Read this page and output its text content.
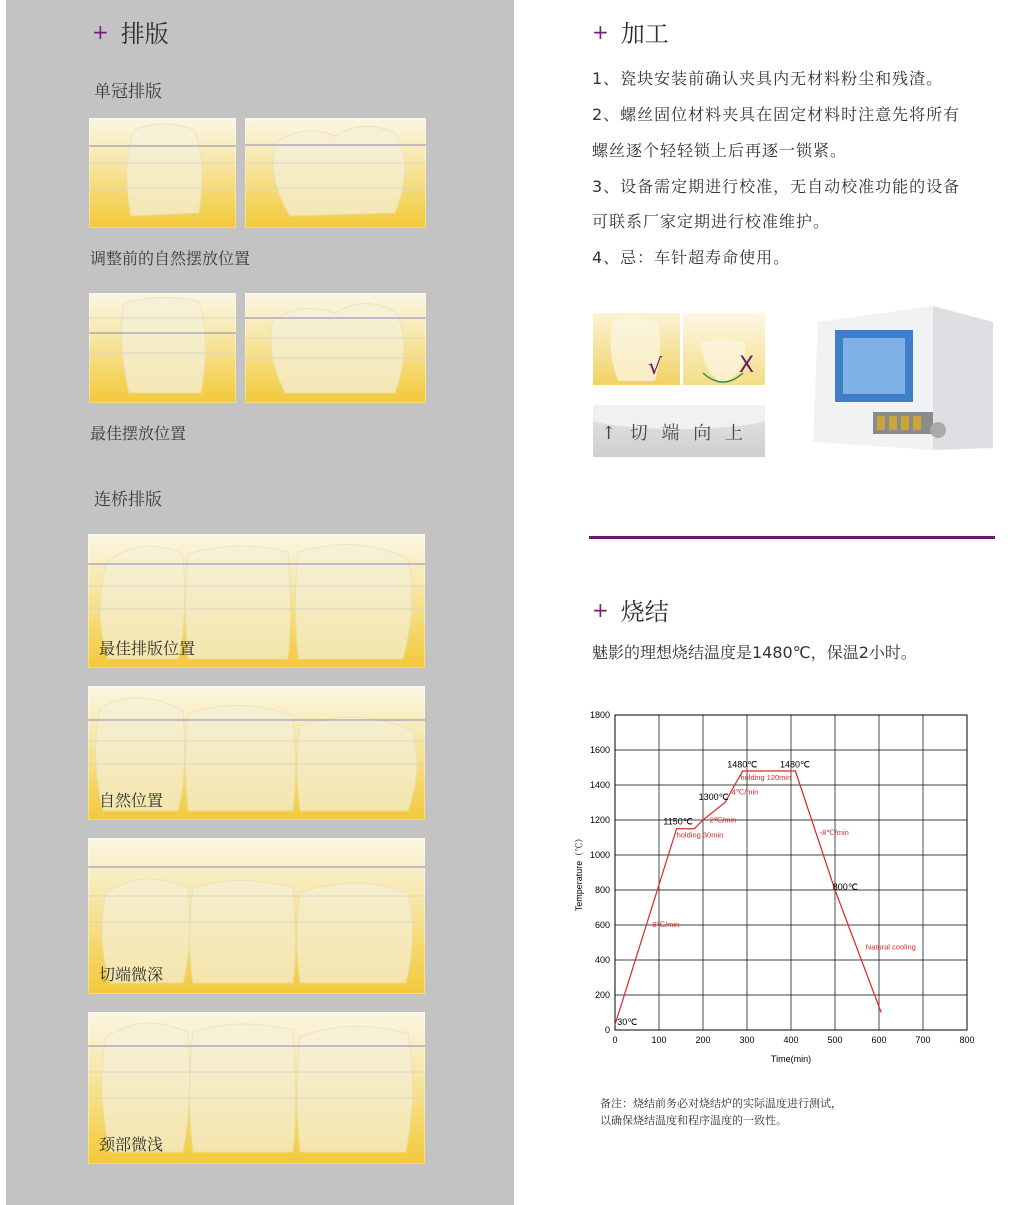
+ 排版
单冠排版
调整前的自然摆放位置
最佳摆放位置
连桥排版
最佳排版位置
自然位置
切端微深
颈部微浅
+ 加工
1、瓷块安装前确认夹具内无材料粉尘和残渣。
2、螺丝固位材料夹具在固定材料时注意先将所有
螺丝逐个轻轻锁上后再逐一锁紧。
3、设备需定期进行校准，无自动校准功能的设备
可联系厂家定期进行校准维护。
4、忌：车针超寿命使用。
√	X
↑ 切 端 向 上
+ 烧结
魅影的理想烧结温度是1480℃，保温2小时。
0	100	200	300	400	500	600	700	800
0
200
400
600
800
1000
1200
1400
1600
1800
Time(min)
Temperature（℃）
30℃
1150℃
1300℃
1480℃	1480℃
800℃
holding 120min
4℃/min
2℃/min
holding 30min	-8℃/min
8℃/min
Natural cooling
备注：烧结前务必对烧结炉的实际温度进行测试，
以确保烧结温度和程序温度的一致性。
